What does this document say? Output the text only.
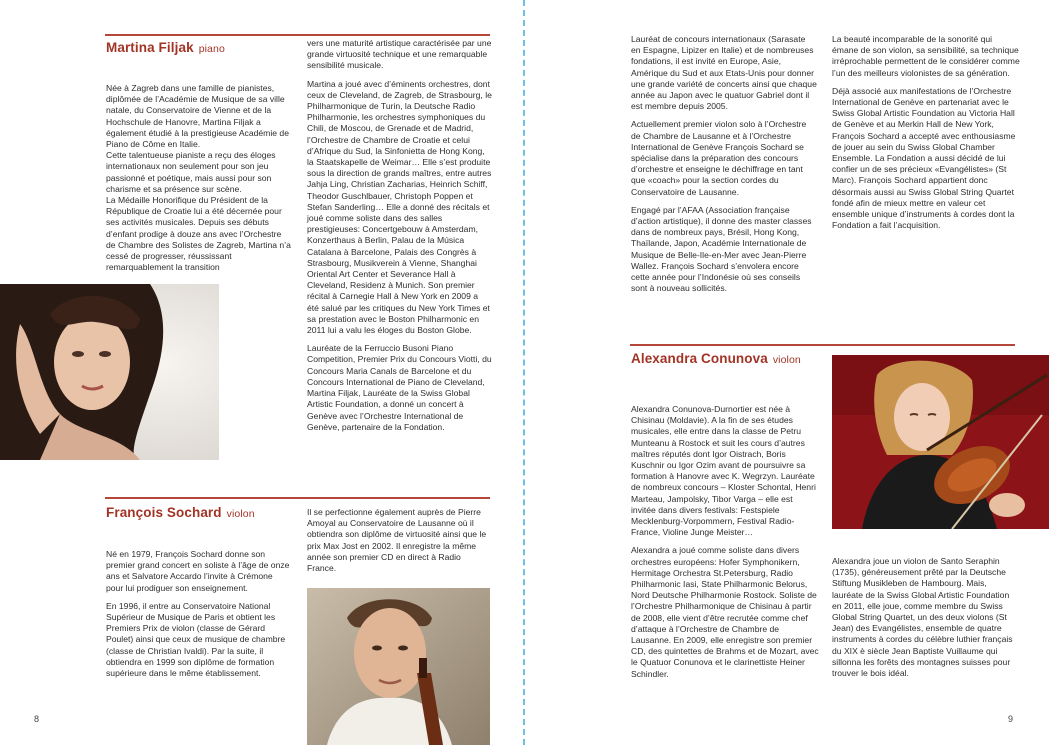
Martina Filjak piano

Née à Zagreb dans une famille de pianistes, diplômée de l’Académie de Musique de sa ville natale, du Conservatoire de Vienne et de la Hochschule de Hanovre, Martina Filjak a également étudié à la prestigieuse Académie de Piano de Côme en Italie.

Cette talentueuse pianiste a reçu des éloges internationaux non seulement pour son jeu passionné et poétique, mais aussi pour son charisme et sa présence sur scène.

La Médaille Honorifique du Président de la République de Croatie lui a été décernée pour ses activités musicales. Depuis ses débuts d’enfant prodige à douze ans avec l’Orchestre de Chambre des Solistes de Zagreb, Martina n’a cessé de progresser, réussissant remarquablement la transition

vers une maturité artistique caractérisée par une grande virtuosité technique et une remarquable sensibilité musicale.

Martina a joué avec d’éminents orchestres, dont ceux de Cleveland, de Zagreb, de Strasbourg, le Philharmonique de Turin, la Deutsche Radio Philharmonie, les orchestres symphoniques du Chili, de Moscou, de Grenade et de Madrid, l’Orchestre de Chambre de Croatie et celui d’Afrique du Sud, la Sinfonietta de Hong Kong, la Staatskapelle de Weimar… Elle s’est produite sous la direction de grands maîtres, entre autres Jahja Ling, Christian Zacharias, Heinrich Schiff, Theodor Guschlbauer, Christoph Poppen et Stefan Sanderling… Elle a donné des récitals et joué comme soliste dans des salles prestigieuses: Concertgebouw à Amsterdam, Konzerthaus à Berlin, Palau de la Música Catalana à Barcelone, Palais des Congrès à Strasbourg, Musikverein à Vienne, Shanghai Oriental Art Center et Severance Hall à Cleveland, Residenz à Munich. Son premier récital à Carnegie Hall à New York en 2009 a été salué par les critiques du New York Times et sa prestation avec le Boston Philharmonic en 2011 lui a valu les éloges du Boston Globe.

Lauréate de la Ferruccio Busoni Piano Competition, Premier Prix du Concours Viotti, du Concours Maria Canals de Barcelone et du Concours International de Piano de Cleveland, Martina Filjak, Lauréate de la Swiss Global Artistic Foundation, a donné un concert à Genève avec l’Orchestre International de Genève, partenaire de la Fondation.

François Sochard violon

Né en 1979, François Sochard donne son premier grand concert en soliste à l’âge de onze ans et Salvatore Accardo l’invite à Crémone pour lui prodiguer son enseignement.

En 1996, il entre au Conservatoire National Supérieur de Musique de Paris et obtient les Premiers Prix de violon (classe de Gérard Poulet) ainsi que ceux de musique de chambre (classe de Christian Ivaldi). Par la suite, il obtiendra en 1999 son diplôme de formation supérieure dans le même établissement.

Il se perfectionne également auprès de Pierre Amoyal au Conservatoire de Lausanne où il obtiendra son diplôme de virtuosité ainsi que le prix Max Jost en 2002. Il enregistre la même année son premier CD en direct à Radio France.

8

Lauréat de concours internationaux (Sarasate en Espagne, Lipizer en Italie) et de nombreuses fondations, il est invité en Europe, Asie, Amérique du Sud et aux Etats-Unis pour donner une grande variété de concerts ainsi que chaque année au Japon avec le quatuor Gabriel dont il est membre depuis 2005.

Actuellement premier violon solo à l’Orchestre de Chambre de Lausanne et à l’Orchestre International de Genève François Sochard se spécialise dans la préparation des concours d’orchestre et enseigne le déchiffrage en tant que «coach» pour la section cordes du Conservatoire de Lausanne.

Engagé par l’AFAA (Association française d’action artistique), il donne des master classes dans de nombreux pays, Brésil, Hong Kong, Thaïlande, Japon, Académie Internationale de Musique de Belle-Ile-en-Mer avec Jean-Pierre Wallez. François Sochard s’envolera encore cette année pour l’Indonésie où ses conseils sont à nouveau sollicités.

La beauté incomparable de la sonorité qui émane de son violon, sa sensibilité, sa technique irréprochable permettent de le considérer comme l’un des meilleurs violonistes de sa génération.

Déjà associé aux manifestations de l’Orchestre International de Genève en partenariat avec le Swiss Global Artistic Foundation au Victoria Hall de Genève et au Merkin Hall de New York, François Sochard a accepté avec enthousiasme de jouer au sein du Swiss Global Chamber Ensemble. La Fondation a aussi décidé de lui confier un de ses précieux «Evangélistes» (St Marc). François Sochard appartient donc désormais aussi au Swiss Global String Quartet fondé afin de mieux mettre en valeur cet ensemble unique d’instruments à cordes dont la Fondation a fait l’acquisition.

Alexandra Conunova violon

Alexandra Conunova-Durnortier est née à Chisinau (Moldavie). A la fin de ses études musicales, elle entre dans la classe de Petru Munteanu à Rostock et suit les cours d’autres maîtres réputés dont Igor Oistrach, Boris Kuschnir ou Igor Ozim avant de poursuivre sa formation à Hanovre avec K. Wegrzyn. Lauréate de nombreux concours – Kloster Schontal, Henri Marteau, Jampolsky, Tibor Varga – elle est invitée dans divers festivals: Festspiele Mecklenburg-Vorpommern, Festival Radio-France, Violine Junge Meister…

Alexandra a joué comme soliste dans divers orchestres européens: Hofer Symphonikern, Hermitage Orchestra St.Petersburg, Radio Philharmonic Iasi, State Philharmonic Belorus, Nord Deutsche Philharmonie Rostock. Soliste de l’Orchestre Philharmonique de Chisinau à partir de 2008, elle vient d’être recrutée comme chef d’attaque à l’Orchestre de Chambre de Lausanne. En 2009, elle enregistre son premier CD, des quintettes de Brahms et de Mozart, avec le Quatuor Conunova et le clarinettiste Heiner Schindler.

Alexandra joue un violon de Santo Seraphin (1735), généreusement prêté par la Deutsche Stiftung Musikleben de Hambourg. Mais, lauréate de la Swiss Global Artistic Foundation en 2011, elle joue, comme membre du Swiss Global String Quartet, un des deux violons (St Jean) des Evangélistes, ensemble de quatre instruments à cordes du célèbre luthier français du XIX è siècle Jean Baptiste Vuillaume qui sillonna les forêts des montagnes suisses pour trouver le bois idéal.

9
